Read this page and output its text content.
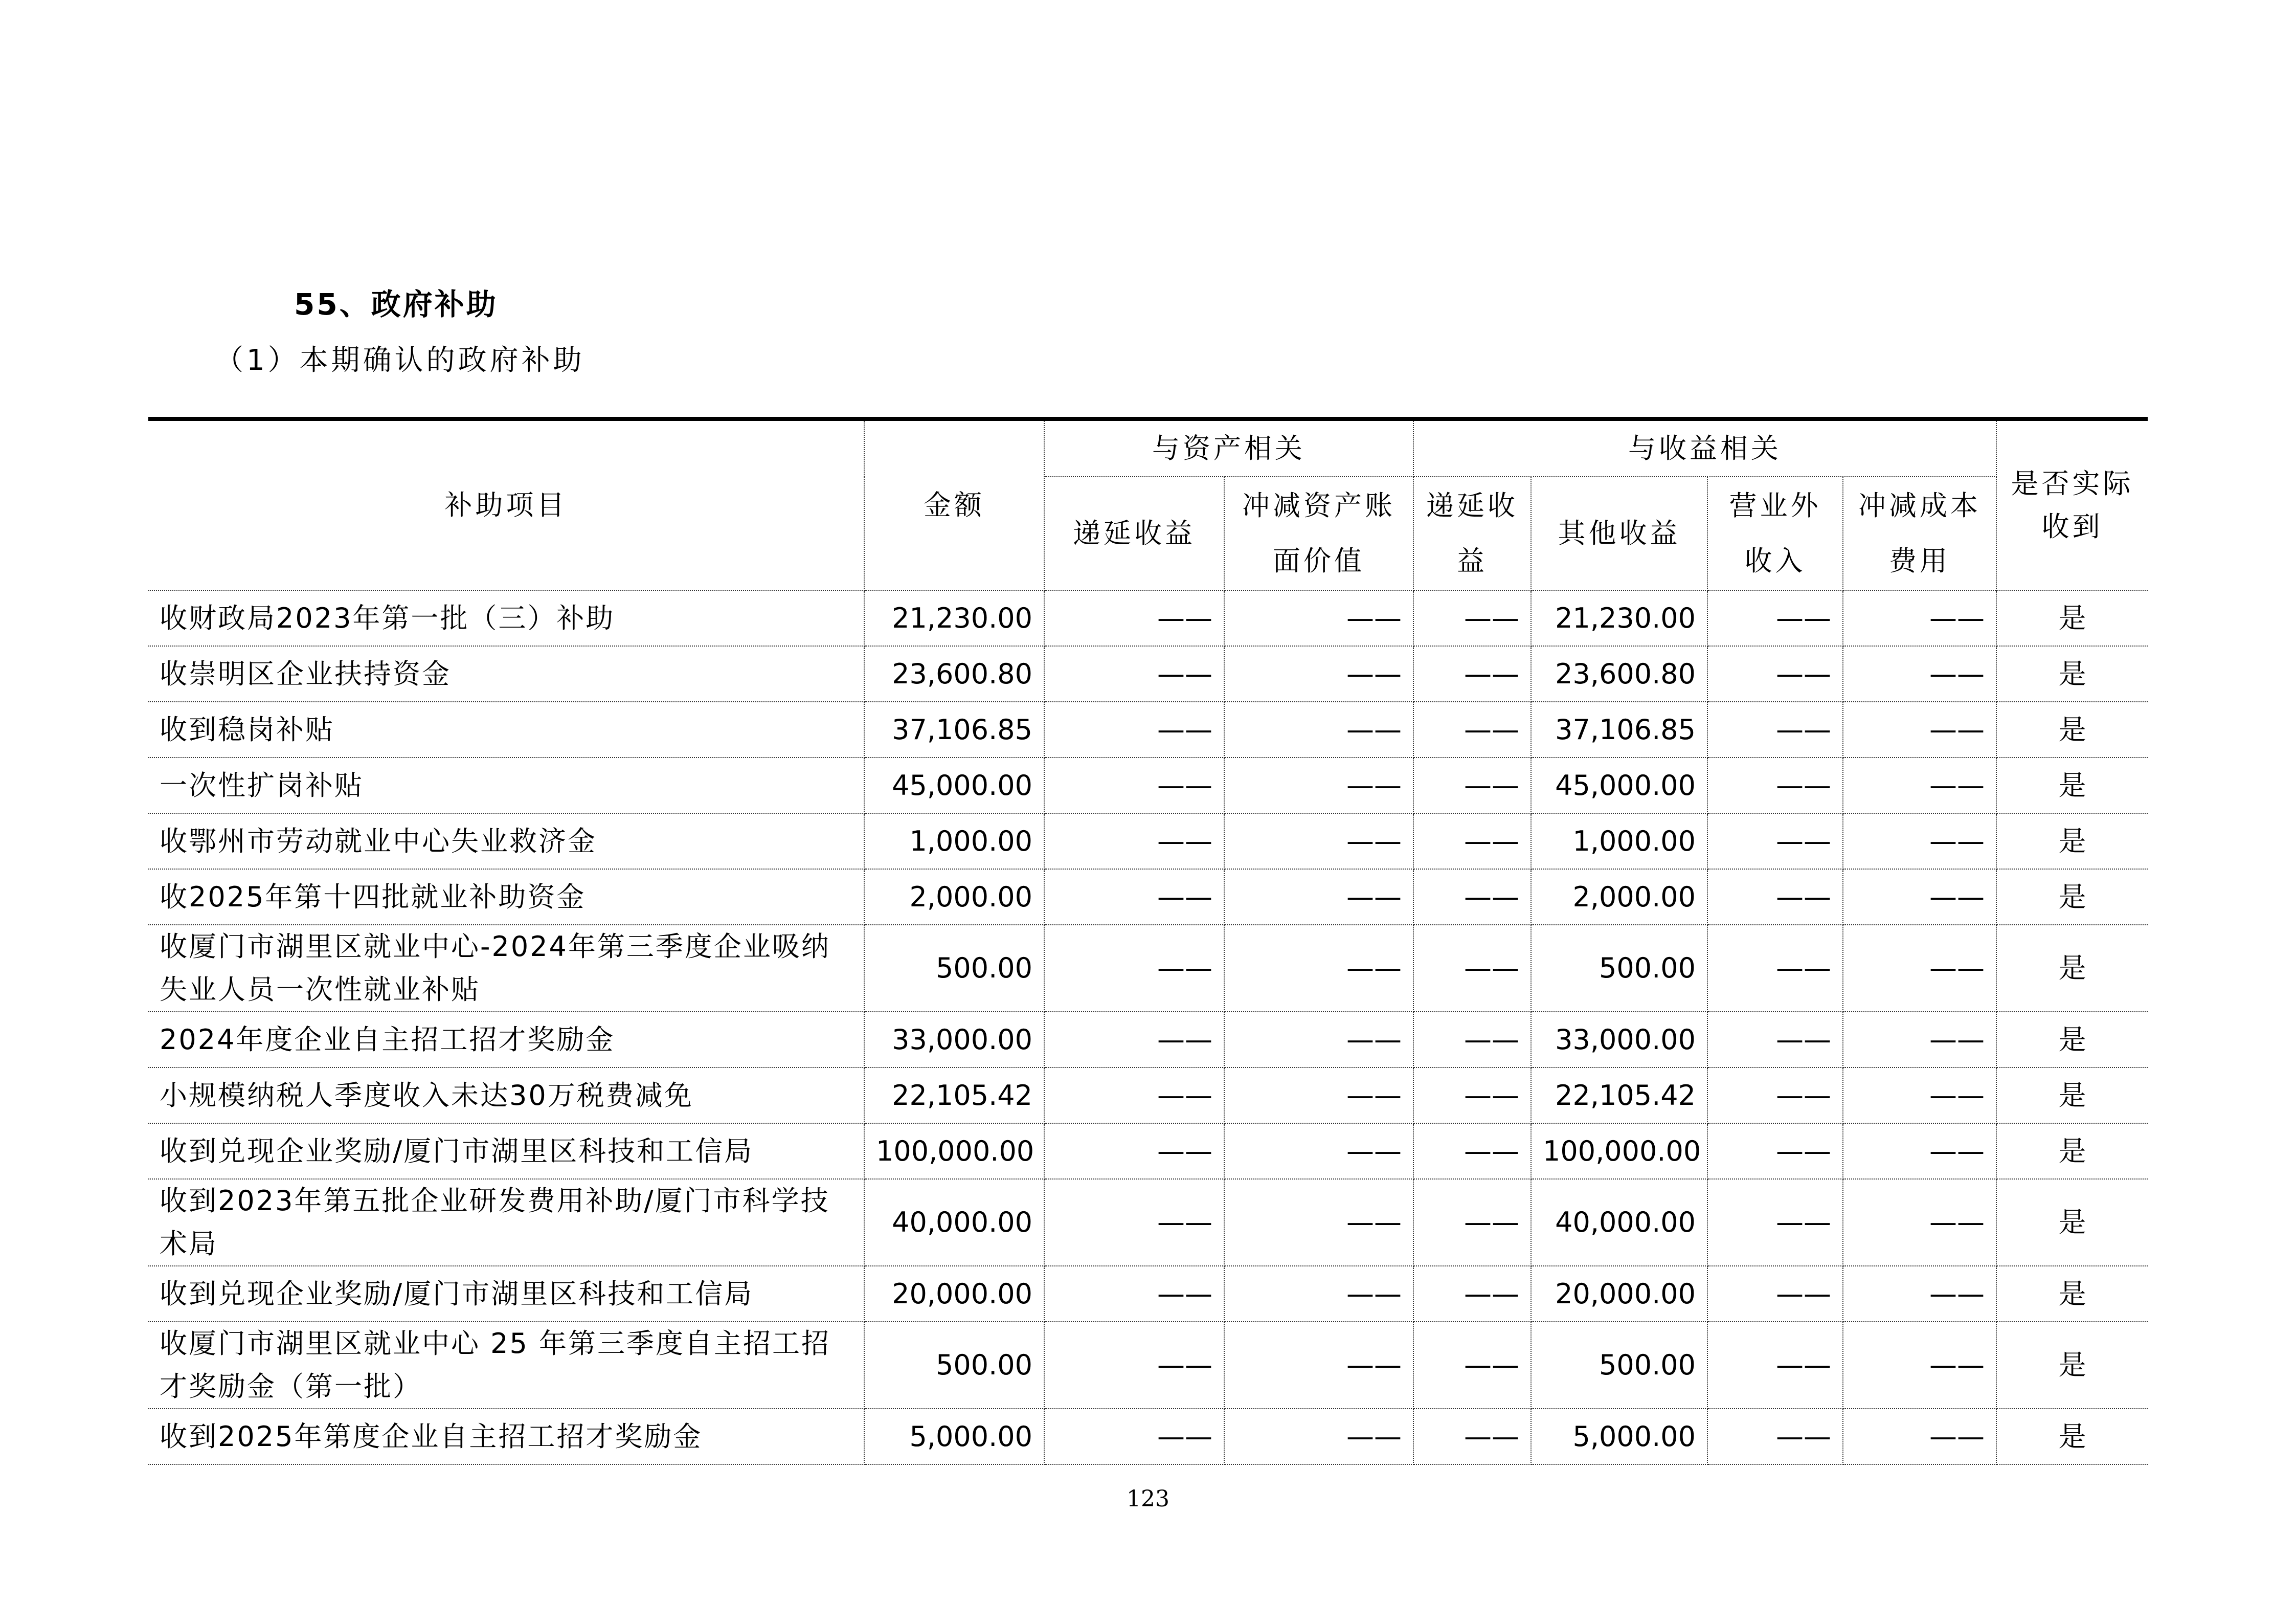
55、政府补助
（1）本期确认的政府补助
补助项目	金额	与资产相关		与收益相关				是否实际收到
		递延收益	冲减资产账面价值	递延收益	其他收益	营业外收入	冲减成本费用	
收财政局2023年第一批（三）补助	21,230.00	——	——	——	21,230.00	——	——	是
收崇明区企业扶持资金	23,600.80	——	——	——	23,600.80	——	——	是
收到稳岗补贴	37,106.85	——	——	——	37,106.85	——	——	是
一次性扩岗补贴	45,000.00	——	——	——	45,000.00	——	——	是
收鄂州市劳动就业中心失业救济金	1,000.00	——	——	——	1,000.00	——	——	是
收2025年第十四批就业补助资金	2,000.00	——	——	——	2,000.00	——	——	是
收厦门市湖里区就业中心-2024年第三季度企业吸纳失业人员一次性就业补贴	500.00	——	——	——	500.00	——	——	是
2024年度企业自主招工招才奖励金	33,000.00	——	——	——	33,000.00	——	——	是
小规模纳税人季度收入未达30万税费减免	22,105.42	——	——	——	22,105.42	——	——	是
收到兑现企业奖励/厦门市湖里区科技和工信局	100,000.00	——	——	——	100,000.00	——	——	是
收到2023年第五批企业研发费用补助/厦门市科学技术局	40,000.00	——	——	——	40,000.00	——	——	是
收到兑现企业奖励/厦门市湖里区科技和工信局	20,000.00	——	——	——	20,000.00	——	——	是
收厦门市湖里区就业中心 25 年第三季度自主招工招才奖励金（第一批）	500.00	——	——	——	500.00	——	——	是
收到2025年第度企业自主招工招才奖励金	5,000.00	——	——	——	5,000.00	——	——	是
123
